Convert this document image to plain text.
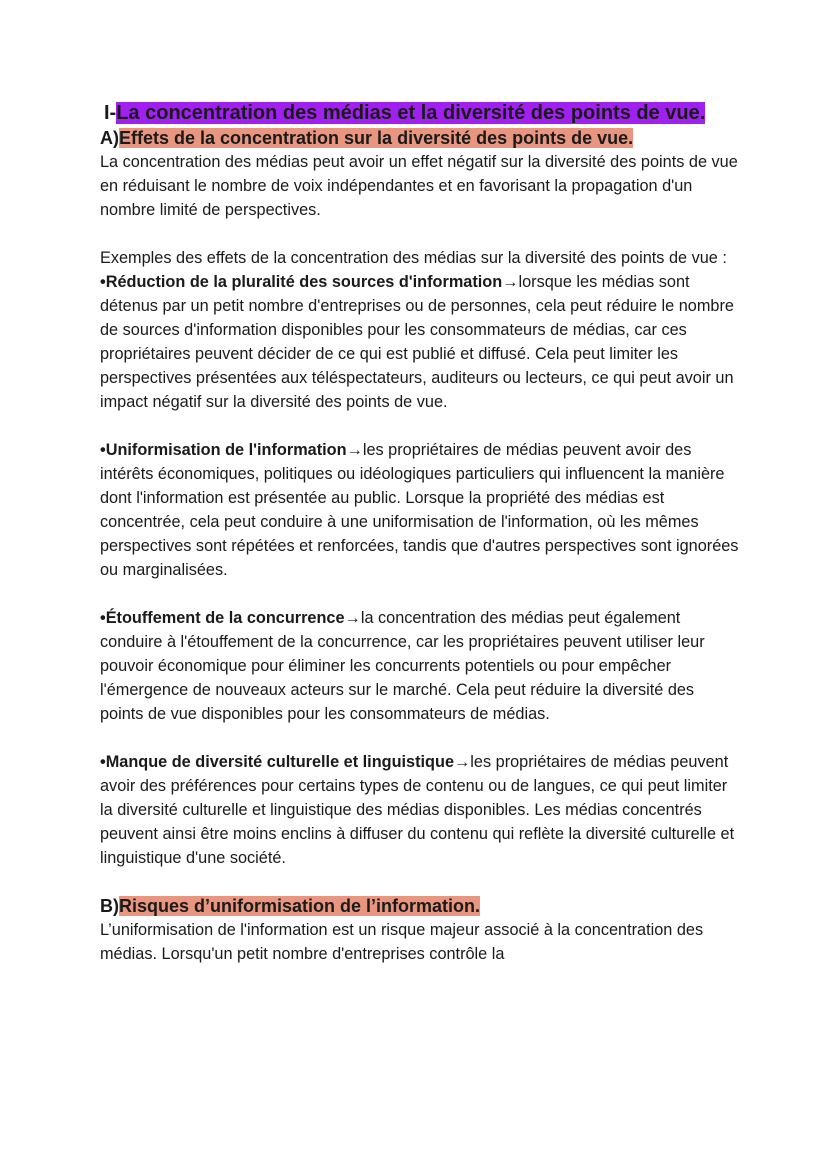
I-La concentration des médias et la diversité des points de vue.
A)Effets de la concentration sur la diversité des points de vue.

La concentration des médias peut avoir un effet négatif sur la diversité des points de vue en réduisant le nombre de voix indépendantes et en favorisant la propagation d'un nombre limité de perspectives.

Exemples des effets de la concentration des médias sur la diversité des points de vue :

•Réduction de la pluralité des sources d'information→lorsque les médias sont détenus par un petit nombre d'entreprises ou de personnes, cela peut réduire le nombre de sources d'information disponibles pour les consommateurs de médias, car ces propriétaires peuvent décider de ce qui est publié et diffusé. Cela peut limiter les perspectives présentées aux téléspectateurs, auditeurs ou lecteurs, ce qui peut avoir un impact négatif sur la diversité des points de vue.

•Uniformisation de l'information→les propriétaires de médias peuvent avoir des intérêts économiques, politiques ou idéologiques particuliers qui influencent la manière dont l'information est présentée au public. Lorsque la propriété des médias est concentrée, cela peut conduire à une uniformisation de l'information, où les mêmes perspectives sont répétées et renforcées, tandis que d'autres perspectives sont ignorées ou marginalisées.

•Étouffement de la concurrence→la concentration des médias peut également conduire à l'étouffement de la concurrence, car les propriétaires peuvent utiliser leur pouvoir économique pour éliminer les concurrents potentiels ou pour empêcher l'émergence de nouveaux acteurs sur le marché. Cela peut réduire la diversité des points de vue disponibles pour les consommateurs de médias.

•Manque de diversité culturelle et linguistique→les propriétaires de médias peuvent avoir des préférences pour certains types de contenu ou de langues, ce qui peut limiter la diversité culturelle et linguistique des médias disponibles. Les médias concentrés peuvent ainsi être moins enclins à diffuser du contenu qui reflète la diversité culturelle et linguistique d'une société.

B)Risques d’uniformisation de l’information.

L’uniformisation de l'information est un risque majeur associé à la concentration des médias. Lorsqu'un petit nombre d'entreprises contrôle la
